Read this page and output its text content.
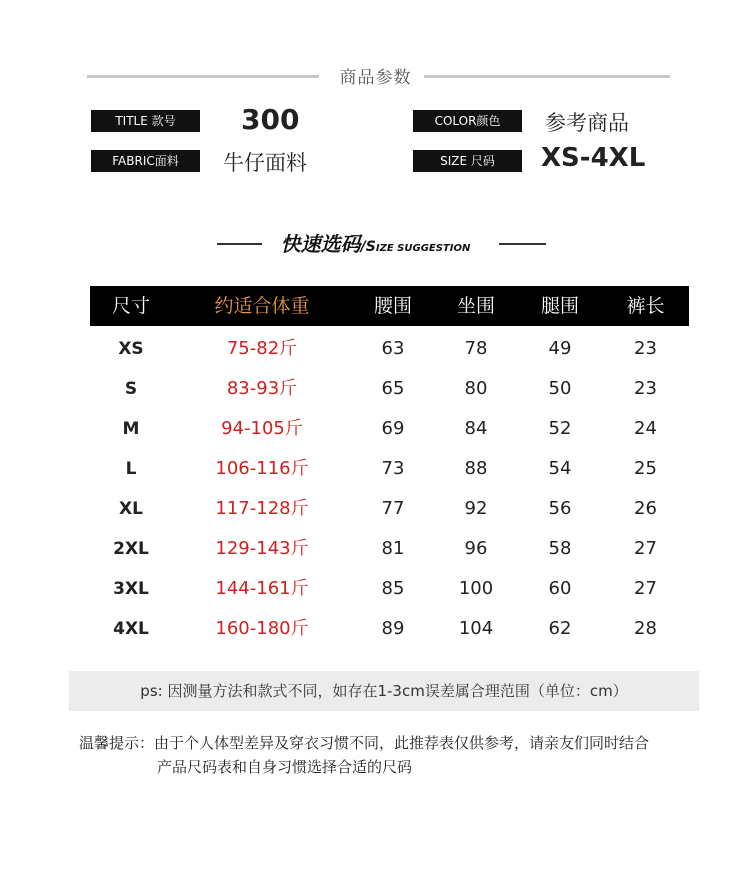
商品参数
TITLE 款号	300	COLOR颜色	参考商品
FABRIC面料	牛仔面料	SIZE 尺码	XS-4XL
快速选码/SIZE SUGGESTION
尺寸	约适合体重	腰围	坐围	腿围	裤长
XS	75-82斤	63	78	49	23
S	83-93斤	65	80	50	23
M	94-105斤	69	84	52	24
L	106-116斤	73	88	54	25
XL	117-128斤	77	92	56	26
2XL	129-143斤	81	96	58	27
3XL	144-161斤	85	100	60	27
4XL	160-180斤	89	104	62	28
ps: 因测量方法和款式不同，如存在1-3cm误差属合理范围（单位：cm）
温馨提示：由于个人体型差异及穿衣习惯不同，此推荐表仅供参考，请亲友们同时结合
产品尺码表和自身习惯选择合适的尺码
